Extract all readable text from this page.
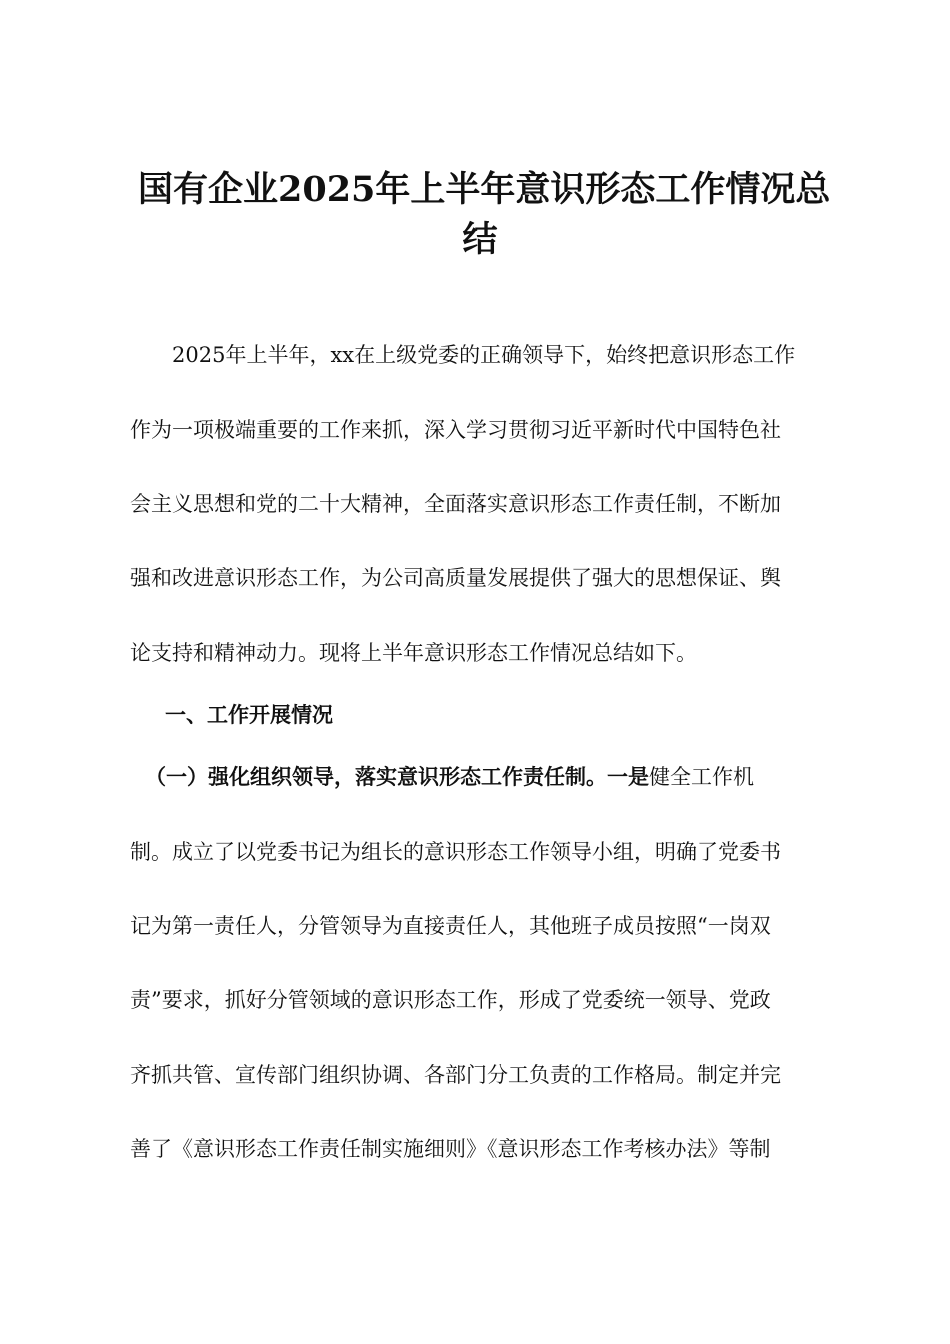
国有企业2025年上半年意识形态工作情况总
结
2025年上半年，xx在上级党委的正确领导下，始终把意识形态工作
作为一项极端重要的工作来抓，深入学习贯彻习近平新时代中国特色社
会主义思想和党的二十大精神，全面落实意识形态工作责任制，不断加
强和改进意识形态工作，为公司高质量发展提供了强大的思想保证、舆
论支持和精神动力。现将上半年意识形态工作情况总结如下。
一、工作开展情况
（一）强化组织领导，落实意识形态工作责任制。一是健全工作机
制。成立了以党委书记为组长的意识形态工作领导小组，明确了党委书
记为第一责任人，分管领导为直接责任人，其他班子成员按照“一岗双
责”要求，抓好分管领域的意识形态工作，形成了党委统一领导、党政
齐抓共管、宣传部门组织协调、各部门分工负责的工作格局。制定并完
善了《意识形态工作责任制实施细则》《意识形态工作考核办法》等制
